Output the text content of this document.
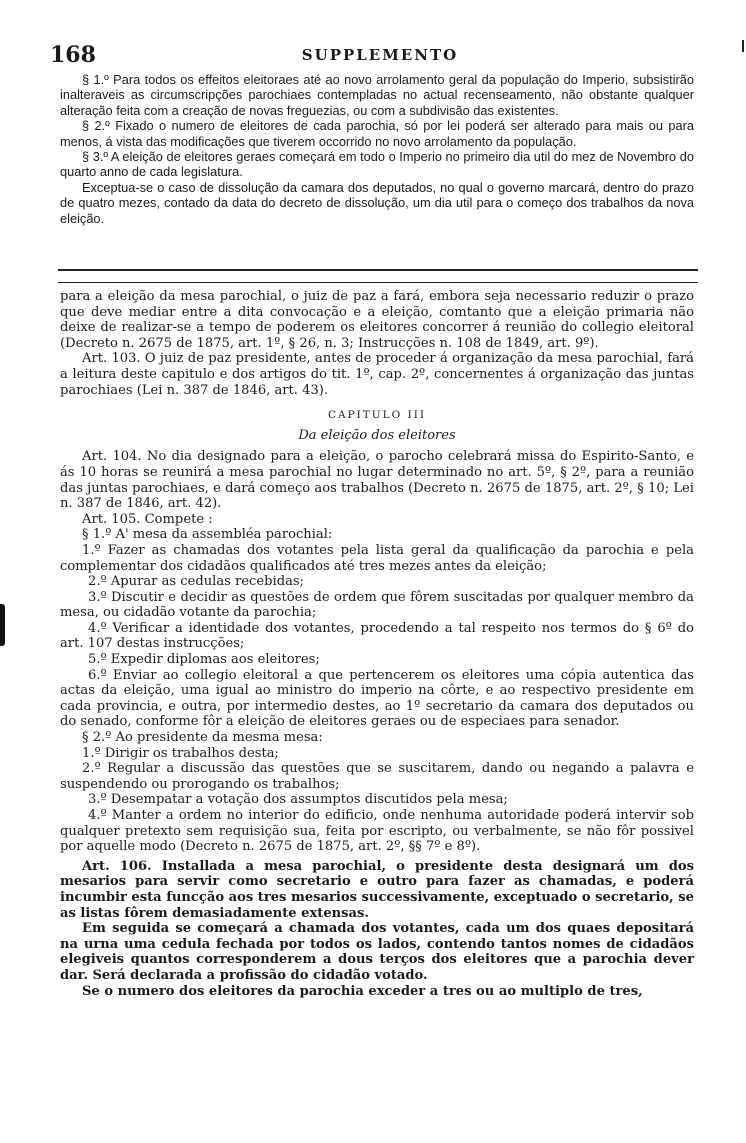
168	SUPPLEMENTO

§ 1.º Para todos os effeitos eleitoraes até ao novo arrolamento geral da população do Imperio, subsistirão inalteraveis as circumscripções parochiaes contempladas no actual recenseamento, não obstante qualquer alteração feita com a creação de novas freguezias, ou com a subdivisão das existentes.

§ 2.º Fixado o numero de eleitores de cada parochia, só por lei poderá ser alterado para mais ou para menos, á vista das modificações que tiverem occorrido no novo arrolamento da população.

§ 3.º A eleição de eleitores geraes começará em todo o Imperio no primeiro dia util do mez de Novembro do quarto anno de cada legislatura.

Exceptua-se o caso de dissolução da camara dos deputados, no qual o governo marcará, dentro do prazo de quatro mezes, contado da data do decreto de dissolução, um dia util para o começo dos trabalhos da nova eleição.

para a eleição da mesa parochial, o juiz de paz a fará, embora seja necessario reduzir o prazo que deve mediar entre a dita convocação e a eleição, comtanto que a eleição primaria não deixe de realizar-se a tempo de poderem os eleitores concorrer á reunião do collegio eleitoral (Decreto n. 2675 de 1875, art. 1º, § 26, n. 3; Instrucções n. 108 de 1849, art. 9º).

Art. 103. O juiz de paz presidente, antes de proceder á organização da mesa parochial, fará a leitura deste capitulo e dos artigos do tit. 1º, cap. 2º, concernentes á organização das juntas parochiaes (Lei n. 387 de 1846, art. 43).

CAPITULO III
Da eleição dos eleitores

Art. 104. No dia designado para a eleição, o parocho celebrará missa do Espirito-Santo, e ás 10 horas se reunirá a mesa parochial no lugar determinado no art. 5º, § 2º, para a reunião das juntas parochiaes, e dará começo aos trabalhos (Decreto n. 2675 de 1875, art. 2º, § 10; Lei n. 387 de 1846, art. 42).

Art. 105. Compete :

§ 1.º A' mesa da assembléa parochial:

1.º Fazer as chamadas dos votantes pela lista geral da qualificação da parochia e pela complementar dos cidadãos qualificados até tres mezes antes da eleição;

2.º Apurar as cedulas recebidas;

3.º Discutir e decidir as questões de ordem que fôrem suscitadas por qualquer membro da mesa, ou cidadão votante da parochia;

4.º Verificar a identidade dos votantes, procedendo a tal respeito nos termos do § 6º do art. 107 destas instrucções;

5.º Expedir diplomas aos eleitores;

6.º Enviar ao collegio eleitoral a que pertencerem os eleitores uma cópia autentica das actas da eleição, uma igual ao ministro do imperio na côrte, e ao respectivo presidente em cada provincia, e outra, por intermedio destes, ao 1º secretario da camara dos deputados ou do senado, conforme fôr a eleição de eleitores geraes ou de especiaes para senador.

§ 2.º Ao presidente da mesma mesa:

1.º Dirigir os trabalhos desta;

2.º Regular a discussão das questões que se suscitarem, dando ou negando a palavra e suspendendo ou prorogando os trabalhos;

3.º Desempatar a votação dos assumptos discutidos pela mesa;

4.º Manter a ordem no interior do edificio, onde nenhuma autoridade poderá intervir sob qualquer pretexto sem requisição sua, feita por escripto, ou verbalmente, se não fôr possivel por aquelle modo (Decreto n. 2675 de 1875, art. 2º, §§ 7º e 8º).

Art. 106. Installada a mesa parochial, o presidente desta designará um dos mesarios para servir como secretario e outro para fazer as chamadas, e poderá incumbir esta funcção aos tres mesarios successivamente, exceptuado o secretario, se as listas fôrem demasiadamente extensas.

Em seguida se começará a chamada dos votantes, cada um dos quaes depositará na urna uma cedula fechada por todos os lados, contendo tantos nomes de cidadãos elegiveis quantos corresponderem a dous terços dos eleitores que a parochia dever dar. Será declarada a profissão do cidadão votado.

Se o numero dos eleitores da parochia exceder a tres ou ao multiplo de tres,
